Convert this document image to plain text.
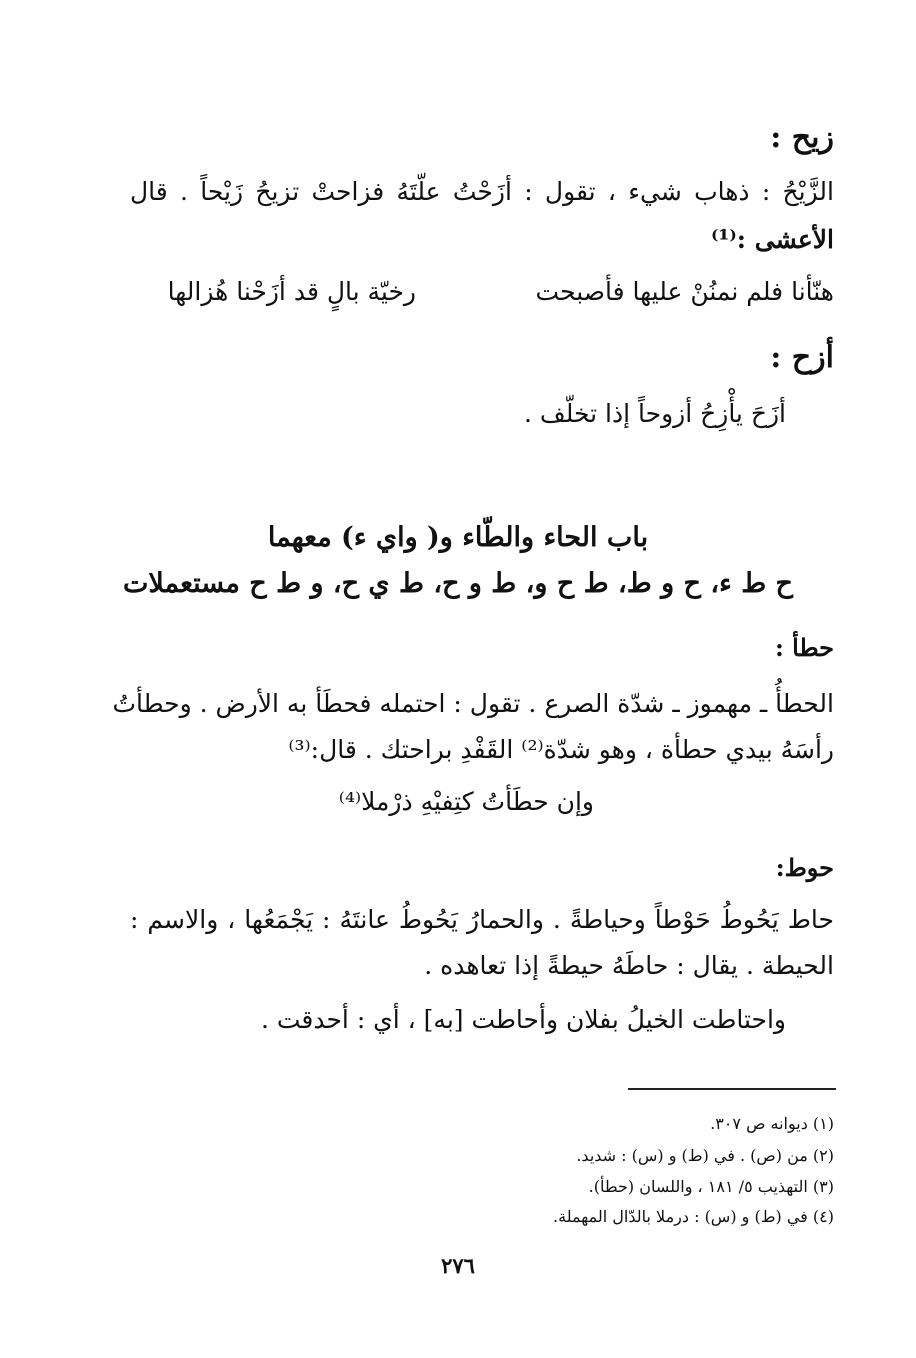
زيح :
الزَّيْحُ : ذهاب شيء ، تقول : أزَحْتُ علّتَهُ فزاحتْ تزيحُ زَيْحاً . قال
الأعشى :⁽¹⁾
هنّأنا فلم نمنُنْ عليها فأصبحت
رخيّة بالٍ قد أزَحْنا هُزالها
أزح :
أزَحَ يأْزِحُ أزوحاً إذا تخلّف .
باب الحاء والطّاء و( واي ء) معهما
ح ط ء، ح و ط، ط ح و، ط و ح، ط ي ح، و ط ح مستعملات
حطأ :
الحطأُ ـ مهموز ـ شدّة الصرع . تقول : احتمله فحطَأ به الأرض . وحطأتُ
رأسَهُ بيدي حطأة ، وهو شدّة⁽²⁾ القَفْدِ براحتك . قال:⁽³⁾
وإن حطَأتُ كتِفيْهِ ذرْملا⁽⁴⁾
حوط:
حاط يَحُوطُ حَوْطاً وحياطةً . والحمارُ يَحُوطُ عانتَهُ : يَجْمَعُها ، والاسم :
الحيطة . يقال : حاطَهُ حيطةً إذا تعاهده .
واحتاطت الخيلُ بفلان وأحاطت [به] ، أي : أحدقت .
(١) ديوانه ص ٣٠٧.
(٢) من (ص) . في (ط) و (س) : شديد.
(٣) التهذيب ٥/ ١٨١ ، واللسان (حطأ).
(٤) في (ط) و (س) : درملا بالدّال المهملة.
٢٧٦
